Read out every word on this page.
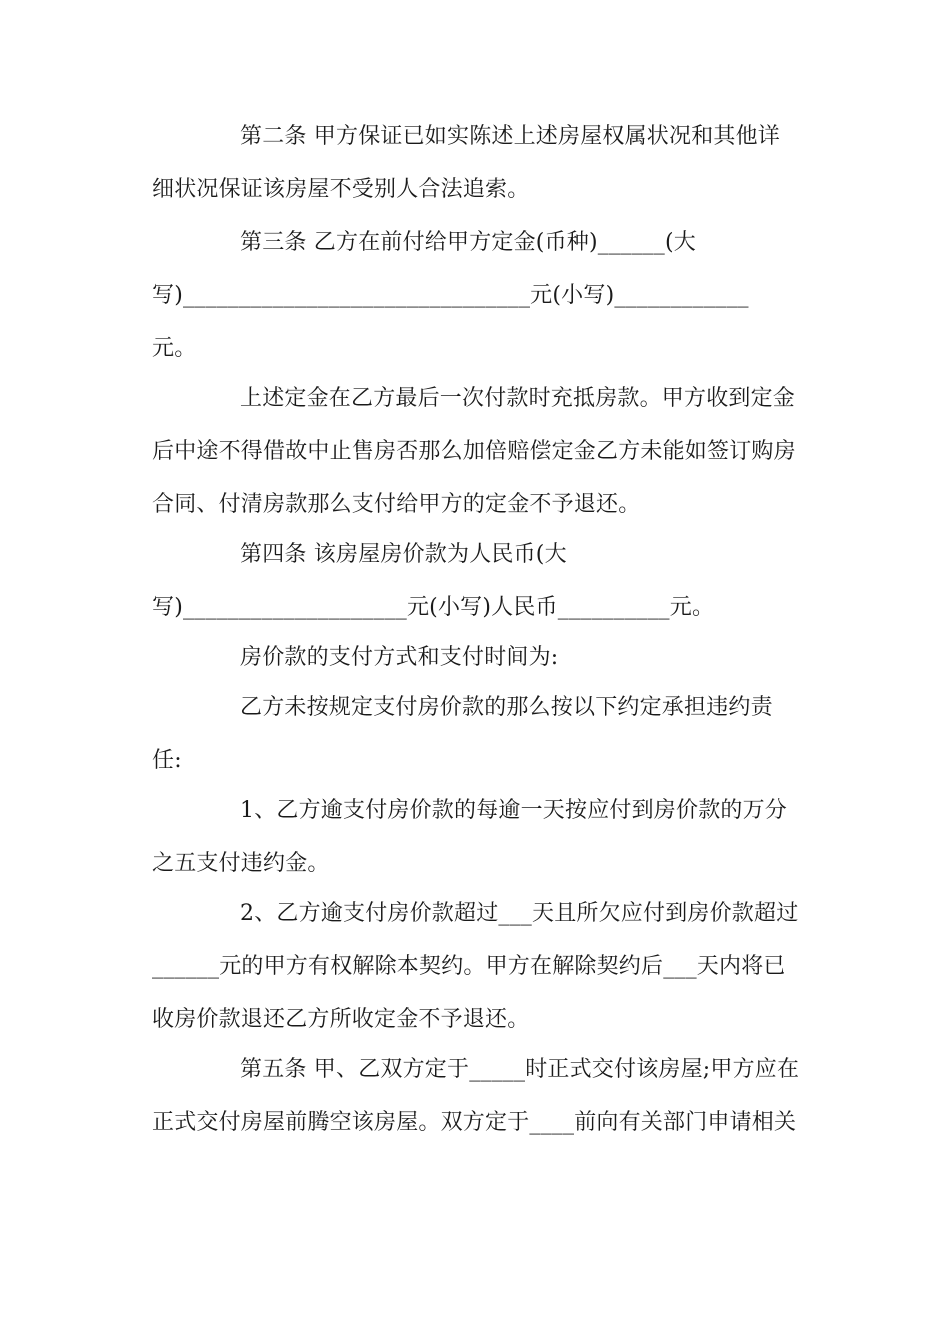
第二条 甲方保证已如实陈述上述房屋权属状况和其他详
细状况保证该房屋不受别人合法追索。
第三条 乙方在前付给甲方定金(币种)______(大
写)_______________________________元(小写)____________
元。
上述定金在乙方最后一次付款时充抵房款。甲方收到定金
后中途不得借故中止售房否那么加倍赔偿定金乙方未能如签订购房
合同、付清房款那么支付给甲方的定金不予退还。
第四条 该房屋房价款为人民币(大
写)____________________元(小写)人民币__________元。
房价款的支付方式和支付时间为:
乙方未按规定支付房价款的那么按以下约定承担违约责
任:
1、乙方逾支付房价款的每逾一天按应付到房价款的万分
之五支付违约金。
2、乙方逾支付房价款超过___天且所欠应付到房价款超过
______元的甲方有权解除本契约。甲方在解除契约后___天内将已
收房价款退还乙方所收定金不予退还。
第五条 甲、乙双方定于_____时正式交付该房屋;甲方应在
正式交付房屋前腾空该房屋。双方定于____前向有关部门申请相关
